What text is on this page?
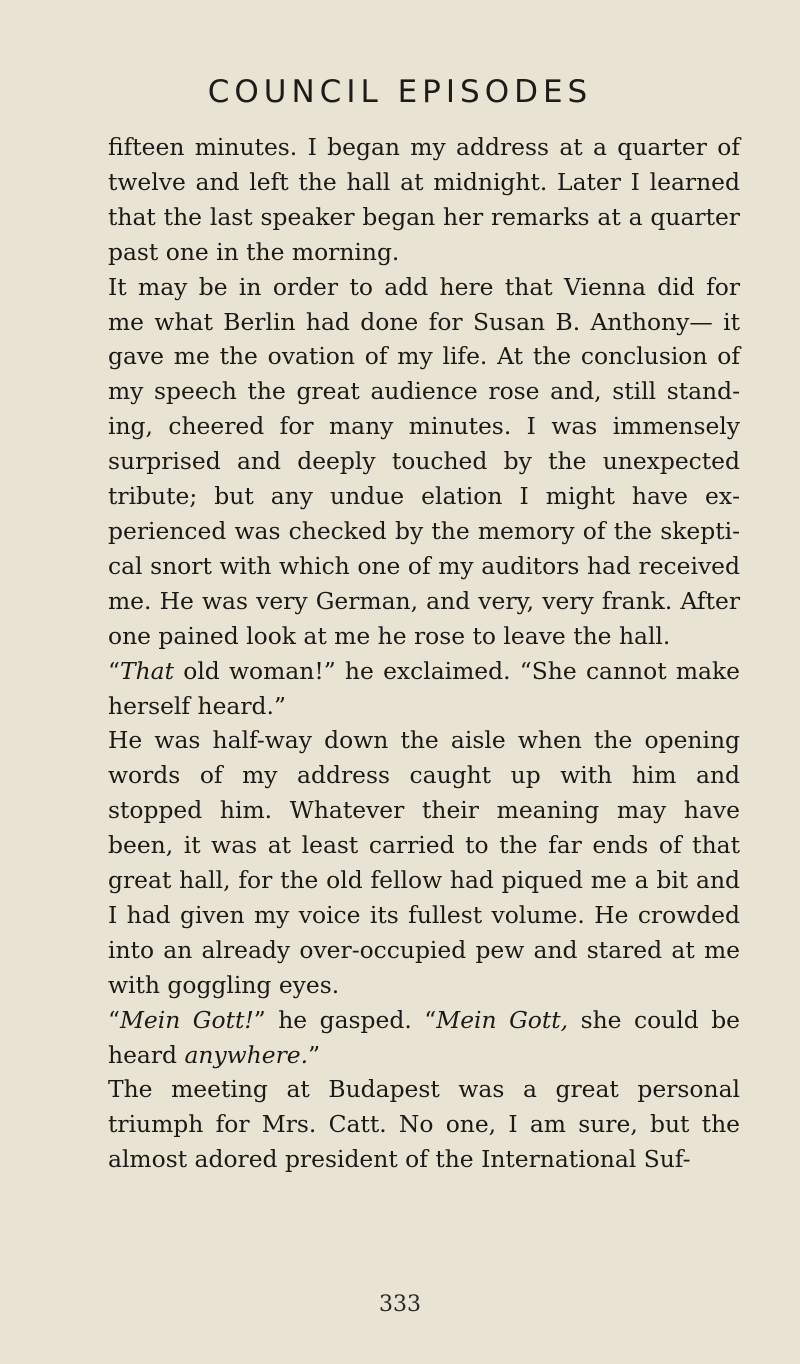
COUNCIL EPISODES

fifteen minutes. I began my address at a quarter of twelve and left the hall at midnight. Later I learned that the last speaker began her remarks at a quarter past one in the morning.

It may be in order to add here that Vienna did for me what Berlin had done for Susan B. Anthony— it gave me the ovation of my life. At the conclusion of my speech the great audience rose and, still standing, cheered for many minutes. I was immensely surprised and deeply touched by the unexpected tribute; but any undue elation I might have experienced was checked by the memory of the skeptical snort with which one of my auditors had received me. He was very German, and very, very frank. After one pained look at me he rose to leave the hall.

“That old woman!” he exclaimed. “She cannot make herself heard.”

He was half-way down the aisle when the opening words of my address caught up with him and stopped him. Whatever their meaning may have been, it was at least carried to the far ends of that great hall, for the old fellow had piqued me a bit and I had given my voice its fullest volume. He crowded into an already over-occupied pew and stared at me with goggling eyes.

“Mein Gott!” he gasped. “Mein Gott, she could be heard anywhere.”

The meeting at Budapest was a great personal triumph for Mrs. Catt. No one, I am sure, but the almost adored president of the International Suf-

333
